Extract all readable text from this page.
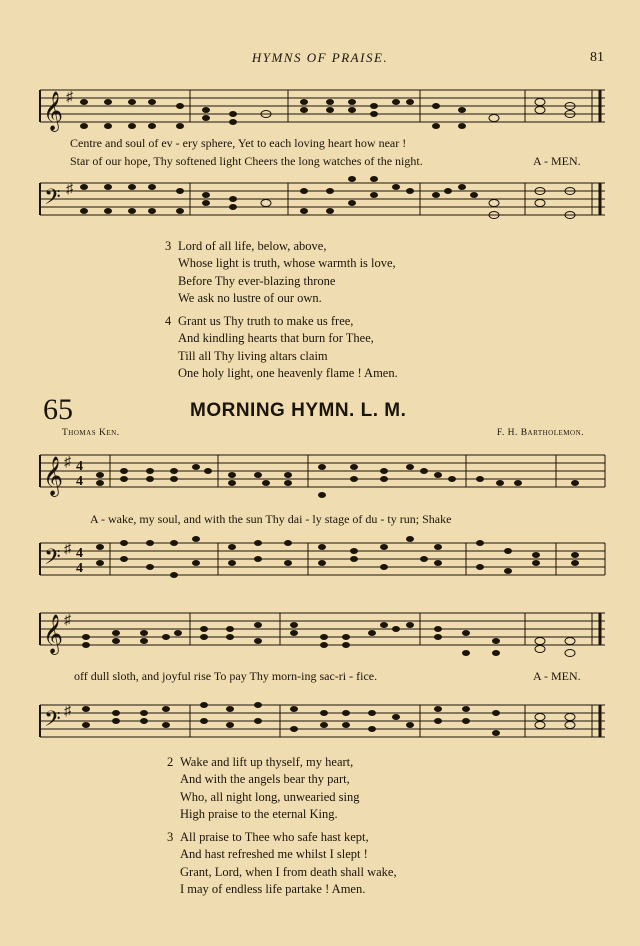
HYMNS OF PRAISE.	81
𝄞 ♯
Centre and soul of ev - ery sphere, Yet to each loving heart how near !
Star of our hope, Thy softened light Cheers the long watches of the night.	A - MEN.
𝄢 ♯
3 Lord of all life, below, above,
Whose light is truth, whose warmth is love,
Before Thy ever-blazing throne
We ask no lustre of our own.
4 Grant us Thy truth to make us free,
And kindling hearts that burn for Thee,
Till all Thy living altars claim
One holy light, one heavenly flame ! Amen.
65	MORNING HYMN. L. M.
Thomas Ken.	F. H. Bartholemon.
𝄞 ♯ 4
4
A - wake, my soul, and with the sun Thy dai - ly stage of du - ty run; Shake
𝄢 ♯ 4
4
𝄞 ♯
off dull sloth, and joyful rise To pay Thy morn-ing sac-ri - fice.	A - MEN.
𝄢 ♯
2 Wake and lift up thyself, my heart,
And with the angels bear thy part,
Who, all night long, unwearied sing
High praise to the eternal King.
3 All praise to Thee who safe hast kept,
And hast refreshed me whilst I slept !
Grant, Lord, when I from death shall wake,
I may of endless life partake ! Amen.
